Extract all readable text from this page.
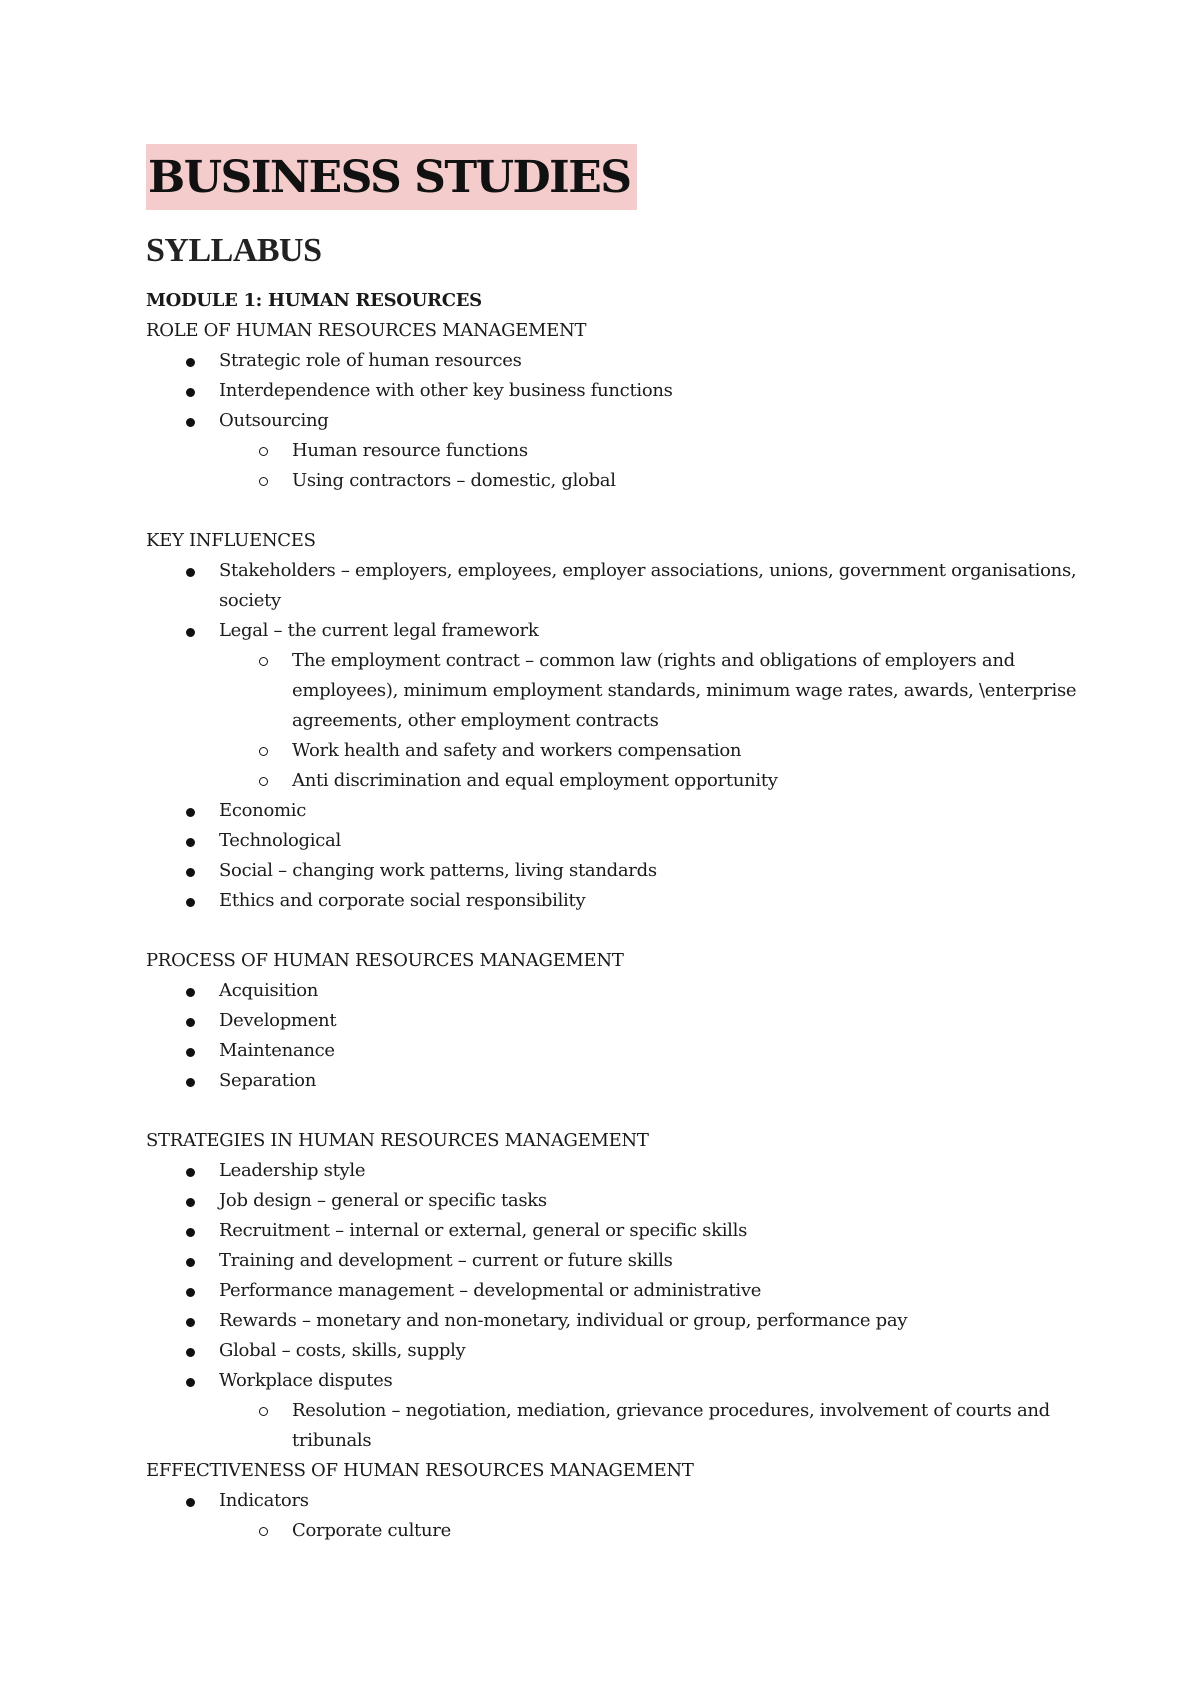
BUSINESS STUDIES
SYLLABUS

MODULE 1: HUMAN RESOURCES

ROLE OF HUMAN RESOURCES MANAGEMENT

Strategic role of human resources
Interdependence with other key business functions
Outsourcing
Human resource functions
Using contractors – domestic, global

KEY INFLUENCES

Stakeholders – employers, employees, employer associations, unions, government organisations, society
Legal – the current legal framework
The employment contract – common law (rights and obligations of employers and employees), minimum employment standards, minimum wage rates, awards, \enterprise agreements, other employment contracts
Work health and safety and workers compensation
Anti discrimination and equal employment opportunity
Economic
Technological
Social – changing work patterns, living standards
Ethics and corporate social responsibility

PROCESS OF HUMAN RESOURCES MANAGEMENT

Acquisition
Development
Maintenance
Separation

STRATEGIES IN HUMAN RESOURCES MANAGEMENT

Leadership style
Job design – general or specific tasks
Recruitment – internal or external, general or specific skills
Training and development – current or future skills
Performance management – developmental or administrative
Rewards – monetary and non-monetary, individual or group, performance pay
Global – costs, skills, supply
Workplace disputes
Resolution – negotiation, mediation, grievance procedures, involvement of courts and tribunals

EFFECTIVENESS OF HUMAN RESOURCES MANAGEMENT

Indicators
Corporate culture
